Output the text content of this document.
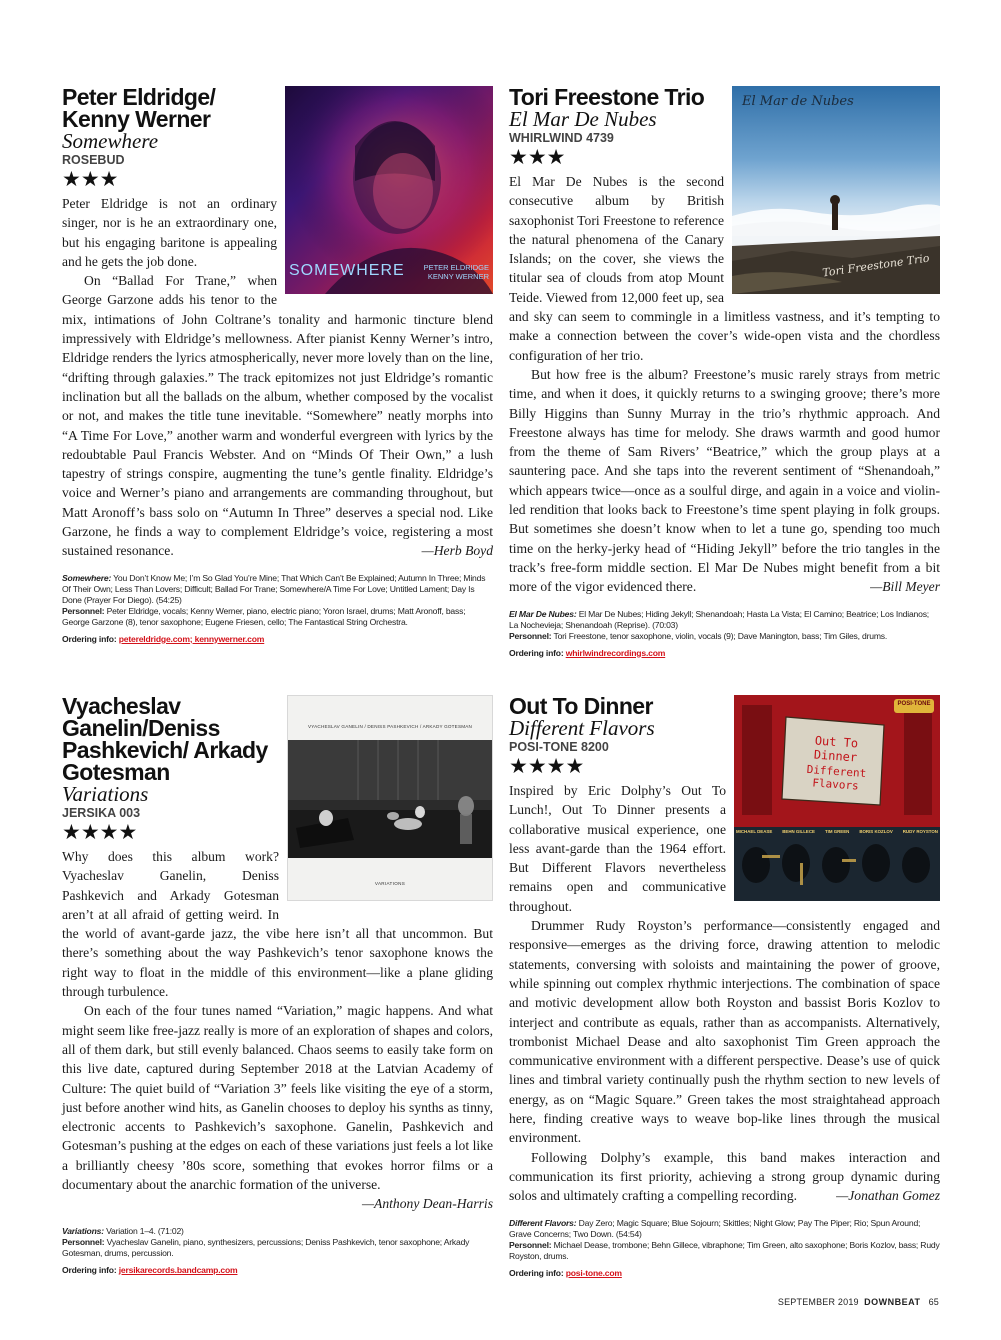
SOMEWHERE	PETER ELDRIDGE
KENNY WERNER
Peter Eldridge/ Kenny Werner
Somewhere
ROSEBUD
★★★

Peter Eldridge is not an ordinary singer, nor is he an extraordinary one, but his engaging baritone is appealing and he gets the job done.

On “Ballad For Trane,” when George Garzone adds his tenor to the mix, intimations of John Coltrane’s tonality and harmonic tincture blend impressively with Eldridge’s mellowness. After pianist Kenny Werner’s intro, Eldridge renders the lyrics atmospherically, never more lovely than on the line, “drifting through galaxies.” The track epitomizes not just Eldridge’s romantic inclination but all the ballads on the album, whether composed by the vocalist or not, and makes the title tune inevitable. “Somewhere” neatly morphs into “A Time For Love,” another warm and wonderful evergreen with lyrics by the redoubtable Paul Francis Webster. And on “Minds Of Their Own,” a lush tapestry of strings conspire, augmenting the tune’s gentle finality. Eldridge’s voice and Werner’s piano and arrangements are commanding throughout, but Matt Aronoff’s bass solo on “Autumn In Three” deserves a special nod. Like Garzone, he finds a way to complement Eldridge’s voice, registering a most sustained resonance.	—Herb Boyd

Somewhere: You Don’t Know Me; I’m So Glad You’re Mine; That Which Can’t Be Explained; Autumn In Three; Minds Of Their Own; Less Than Lovers; Difficult; Ballad For Trane; Somewhere/A Time For Love; Untitled Lament; Day Is Done (Prayer For Diego). (54:25)

Personnel: Peter Eldridge, vocals; Kenny Werner, piano, electric piano; Yoron Israel, drums; Matt Aronoff, bass; George Garzone (8), tenor saxophone; Eugene Friesen, cello; The Fantastical String Orchestra.

Ordering info: petereldridge.com; kennywerner.com

El Mar de Nubes
Tori Freestone Trio
Tori Freestone Trio
El Mar De Nubes
WHIRLWIND 4739
★★★

El Mar De Nubes is the second consecutive album by British saxophonist Tori Freestone to reference the natural phenomena of the Canary Islands; on the cover, she views the titular sea of clouds from atop Mount Teide. Viewed from 12,000 feet up, sea and sky can seem to commingle in a limitless vastness, and it’s tempting to make a connection between the cover’s wide-open vista and the chordless configuration of her trio.

But how free is the album? Freestone’s music rarely strays from metric time, and when it does, it quickly returns to a swinging groove; there’s more Billy Higgins than Sunny Murray in the trio’s rhythmic approach. And Freestone always has time for melody. She draws warmth and good humor from the theme of Sam Rivers’ “Beatrice,” which the group plays at a sauntering pace. And she taps into the reverent sentiment of “Shenandoah,” which appears twice—once as a soulful dirge, and again in a voice and violin-led rendition that looks back to Freestone’s time spent playing in folk groups. But sometimes she doesn’t know when to let a tune go, spending too much time on the herky-jerky head of “Hiding Jekyll” before the trio tangles in the track’s free-form middle section. El Mar De Nubes might benefit from a bit more of the vigor evidenced there.	—Bill Meyer

El Mar De Nubes: El Mar De Nubes; Hiding Jekyll; Shenandoah; Hasta La Vista; El Camino; Beatrice; Los Indianos; La Nochevieja; Shenandoah (Reprise). (70:03)

Personnel: Tori Freestone, tenor saxophone, violin, vocals (9); Dave Manington, bass; Tim Giles, drums.

Ordering info: whirlwindrecordings.com

VYACHESLAV GANELIN / DENISS PASHKEVICH / ARKADY GOTESMAN
VARIATIONS
Vyacheslav Ganelin/Deniss Pashkevich/ Arkady Gotesman
Variations
JERSIKA 003
★★★★

Why does this album work? Vyacheslav Ganelin, Deniss Pashkevich and Arkady Gotesman aren’t at all afraid of getting weird. In the world of avant-garde jazz, the vibe here isn’t all that uncommon. But there’s something about the way Pashkevich’s tenor saxophone knows the right way to float in the middle of this environment—like a plane gliding through turbulence.

On each of the four tunes named “Variation,” magic happens. And what might seem like free-jazz really is more of an exploration of shapes and colors, all of them dark, but still evenly balanced. Chaos seems to easily take form on this live date, captured during September 2018 at the Latvian Academy of Culture: The quiet build of “Variation 3” feels like visiting the eye of a storm, just before another wind hits, as Ganelin chooses to deploy his synths as tinny, electronic accents to Pashkevich’s saxophone. Ganelin, Pashkevich and Gotesman’s pushing at the edges on each of these variations just feels a lot like a brilliantly cheesy ’80s score, something that evokes horror films or a documentary about the anarchic formation of the universe.

—Anthony Dean-Harris

Variations: Variation 1–4. (71:02)

Personnel: Vyacheslav Ganelin, piano, synthesizers, percussions; Deniss Pashkevich, tenor saxophone; Arkady Gotesman, drums, percussion.

Ordering info: jersikarecords.bandcamp.com

Out To Dinner
Different Flavors
POSI-TONE
MICHAEL DEASE BEHN GILLECE TIM GREEN BORIS KOZLOV RUDY ROYSTON
Out To Dinner
Different Flavors
POSI-TONE 8200
★★★★

Inspired by Eric Dolphy’s Out To Lunch!, Out To Dinner presents a collaborative musical experience, one less avant-garde than the 1964 effort. But Different Flavors nevertheless remains open and communicative throughout.

Drummer Rudy Royston’s performance—consistently engaged and responsive—emerges as the driving force, drawing attention to melodic statements, conversing with soloists and maintaining the power of groove, while spinning out complex rhythmic interjections. The combination of space and motivic development allow both Royston and bassist Boris Kozlov to interject and contribute as equals, rather than as accompanists. Alternatively, trombonist Michael Dease and alto saxophonist Tim Green approach the communicative environment with a different perspective. Dease’s use of quick lines and timbral variety continually push the rhythm section to new levels of energy, as on “Magic Square.” Green takes the most straightahead approach here, finding creative ways to weave bop-like lines through the musical environment.

Following Dolphy’s example, this band makes interaction and communication its first priority, achieving a strong group dynamic during solos and ultimately crafting a compelling recording.	—Jonathan Gomez

Different Flavors: Day Zero; Magic Square; Blue Sojourn; Skittles; Night Glow; Pay The Piper; Rio; Spun Around; Grave Concerns; Two Down. (54:54)

Personnel: Michael Dease, trombone; Behn Gillece, vibraphone; Tim Green, alto saxophone; Boris Kozlov, bass; Rudy Royston, drums.

Ordering info: posi-tone.com

SEPTEMBER 2019 DOWNBEAT 65
